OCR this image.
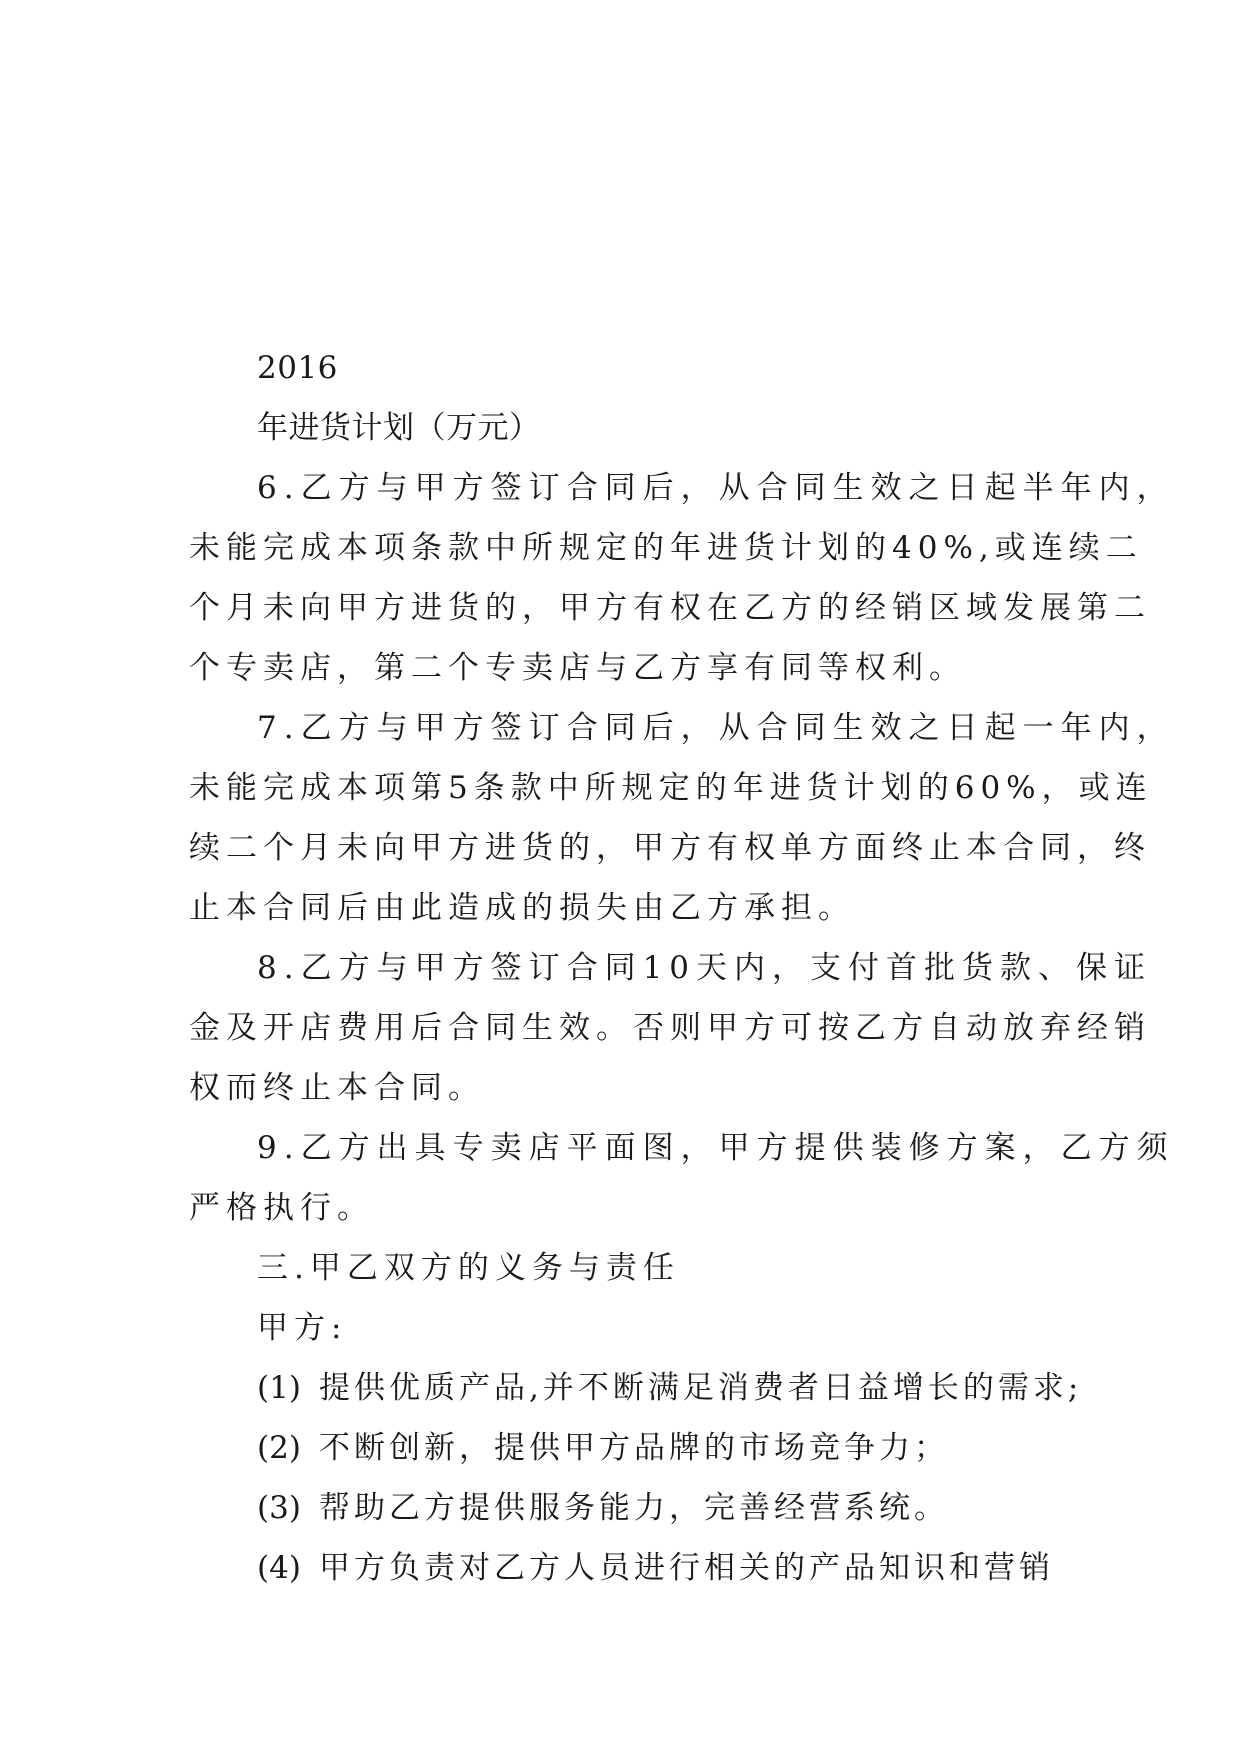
2016
年进货计划（万元）
6.乙方与甲方签订合同后，从合同生效之日起半年内，
未能完成本项条款中所规定的年进货计划的40%,或连续二
个月未向甲方进货的，甲方有权在乙方的经销区域发展第二
个专卖店，第二个专卖店与乙方享有同等权利。
7.乙方与甲方签订合同后，从合同生效之日起一年内，
未能完成本项第5条款中所规定的年进货计划的60%，或连
续二个月未向甲方进货的，甲方有权单方面终止本合同，终
止本合同后由此造成的损失由乙方承担。
8.乙方与甲方签订合同10天内，支付首批货款、保证
金及开店费用后合同生效。否则甲方可按乙方自动放弃经销
权而终止本合同。
9.乙方出具专卖店平面图，甲方提供装修方案，乙方须
严格执行。
三.甲乙双方的义务与责任
甲方:
(1) 提供优质产品,并不断满足消费者日益增长的需求;
(2) 不断创新，提供甲方品牌的市场竞争力；
(3) 帮助乙方提供服务能力，完善经营系统。
(4) 甲方负责对乙方人员进行相关的产品知识和营销
